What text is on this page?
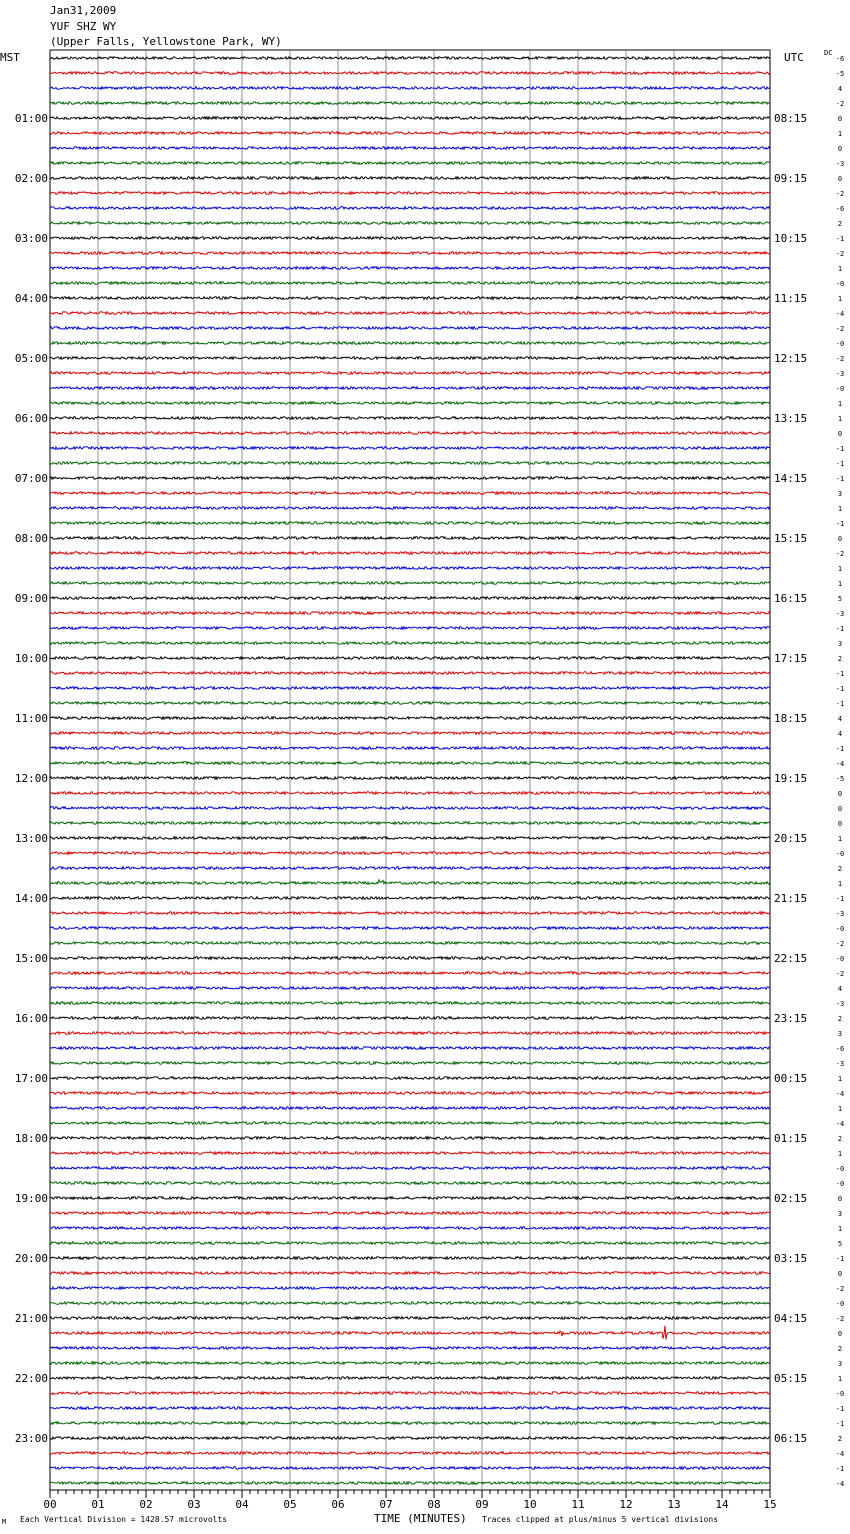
Jan31,2009
YUF SHZ WY
(Upper Falls, Yellowstone Park, WY)
MST	UTC	DC
-6
-5
4
-2
0
1
0
-3
0
-2
-6
2
-1
-2
1
-0
1
-4
-2
-0
-2
-3
-0
1
1
0
-1
-1
-1
3
1
-1
0
-2
1
1
5
-3
-1
3
2
-1
-1
-1
4
4
-1
-4
-5
0
0
0
1
-0
2
1
-1
-3
-0
-2
-0
-2
4
-3
2
3
-6
-3
1
-4
1
-4
2
1
-0
-0
0
3
1
5
-1
0
-2
-0
-2
0
2
3
1
-0
-1
-1
2
-4
-1
-4
01:00
02:00
03:00
04:00
05:00
06:00
07:00
08:00
09:00
10:00
11:00
12:00
13:00
14:00
15:00
16:00
17:00
18:00
19:00
20:00
21:00
22:00
23:00
08:15
09:15
10:15
11:15
12:15
13:15
14:15
15:15
16:15
17:15
18:15
19:15
20:15
21:15
22:15
23:15
00:15
01:15
02:15
03:15
04:15
05:15
06:15
00	01	02	03	04	05	06	07	08	09	10	11	12	13	14	15
M Each Vertical Division = 1428.57 microvolts	TIME (MINUTES) Traces clipped at plus/minus 5 vertical divisions
